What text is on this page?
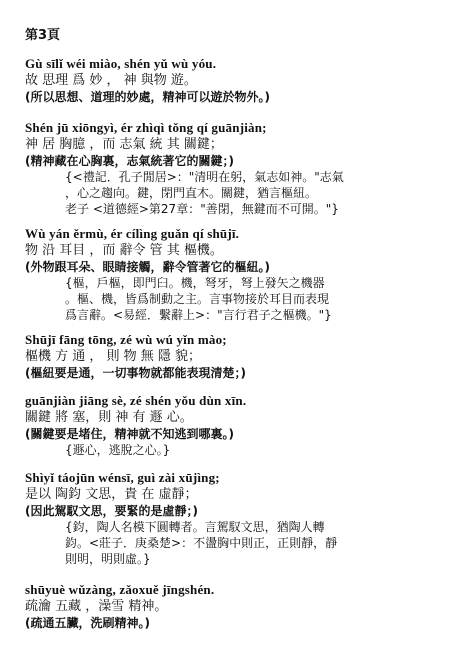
第3頁
Gù sīlǐ wéi miào, shén yǔ wù yóu.
故 思理 爲 妙 ， 神 與物 遊。
(所以思想、道理的妙處，精神可以遊於物外。)
Shén jū xiōngyì, ér zhìqì tǒng qí guānjiàn;
神 居 胸臆 ，而 志氣 統 其 關鍵；
(精神藏在心胸裏，志氣統著它的關鍵；)
{<禮記．孔子閒居>："清明在躬，氣志如神。"志氣
，心之趨向。鍵，閉門直木。關鍵，猶言樞紐。
老子 <道德經>第27章："善閉，無鍵而不可開。"}
Wù yán ěrmù, ér cílìng guǎn qí shūjī.
物 沿 耳目 ，而 辭令 管 其 樞機。
(外物跟耳朵、眼睛接觸，辭令管著它的樞紐。)
{樞，戶樞，即門臼。機，弩牙，弩上發矢之機器
。樞、機，皆爲制動之主。言事物接於耳目而表現
爲言辭。<易經．繫辭上>："言行君子之樞機。"}
Shūjī fāng tōng, zé wù wú yǐn mào;
樞機 方 通 ， 則 物 無 隱 貌；
(樞紐要是通，一切事物就都能表現清楚；)
guānjiàn jiāng sè, zé shén yǒu dùn xīn.
關鍵 將 塞，則 神 有 遯 心。
(關鍵要是堵住，精神就不知逃到哪裏。)
{遯心，逃脫之心。}
Shìyǐ táojūn wénsī, guì zài xūjìng;
是以 陶鈞 文思，貴 在 虛靜；
(因此駕馭文思，要緊的是虛靜；)
{鈞，陶人名模下圓轉者。言駕馭文思，猶陶人轉
鈞。<莊子．庚桑楚>：不盪胸中則正，正則靜，靜
則明，明則虛。}
shūyuè wǔzàng, zǎoxuě jīngshén.
疏瀹 五藏 ，澡雪 精神。
(疏通五臟，洗刷精神。)
